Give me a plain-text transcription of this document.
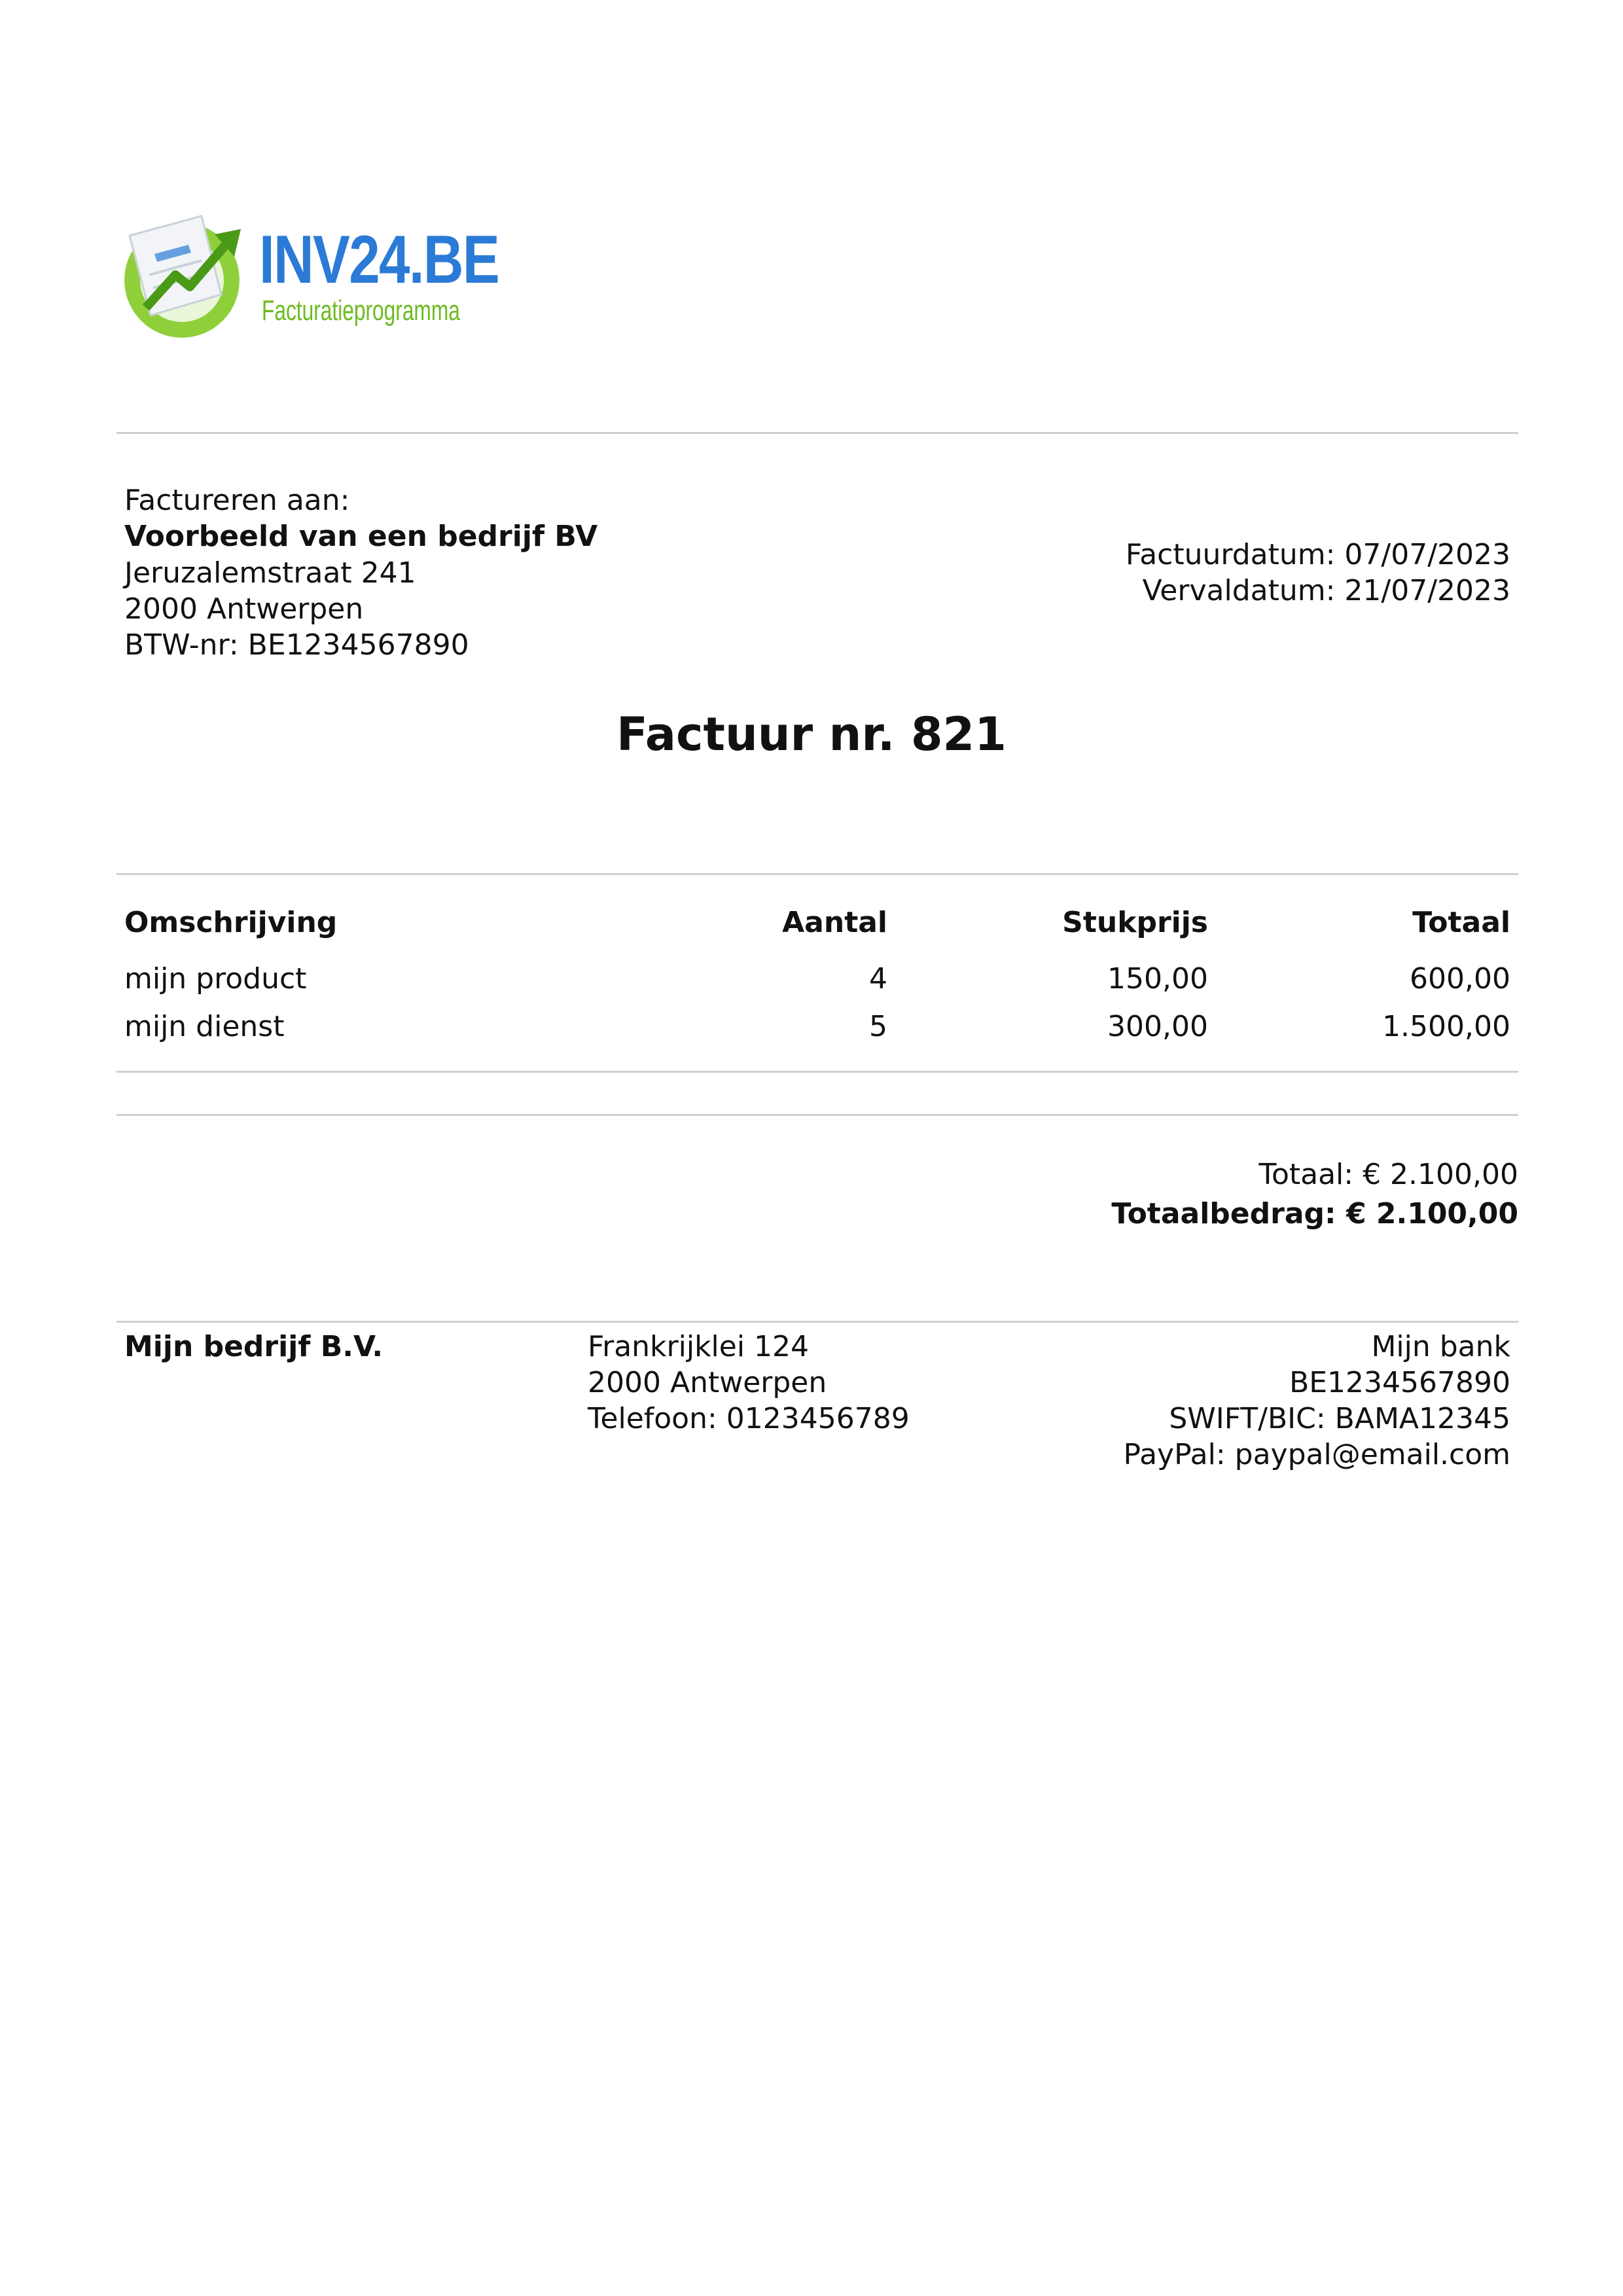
INV24.BE
Facturatieprogramma
Factureren aan:
Voorbeeld van een bedrijf BV
Jeruzalemstraat 241
2000 Antwerpen
BTW-nr: BE1234567890
Factuurdatum: 07/07/2023
Vervaldatum: 21/07/2023
Factuur nr. 821
Omschrijving	Aantal	Stukprijs	Totaal
mijn product	4	150,00	600,00
mijn dienst	5	300,00	1.500,00
Totaal: € 2.100,00
Totaalbedrag: € 2.100,00
Mijn bedrijf B.V.	Frankrijklei 124
2000 Antwerpen
Telefoon: 0123456789
Mijn bank
BE1234567890
SWIFT/BIC: BAMA12345
PayPal: paypal@email.com
